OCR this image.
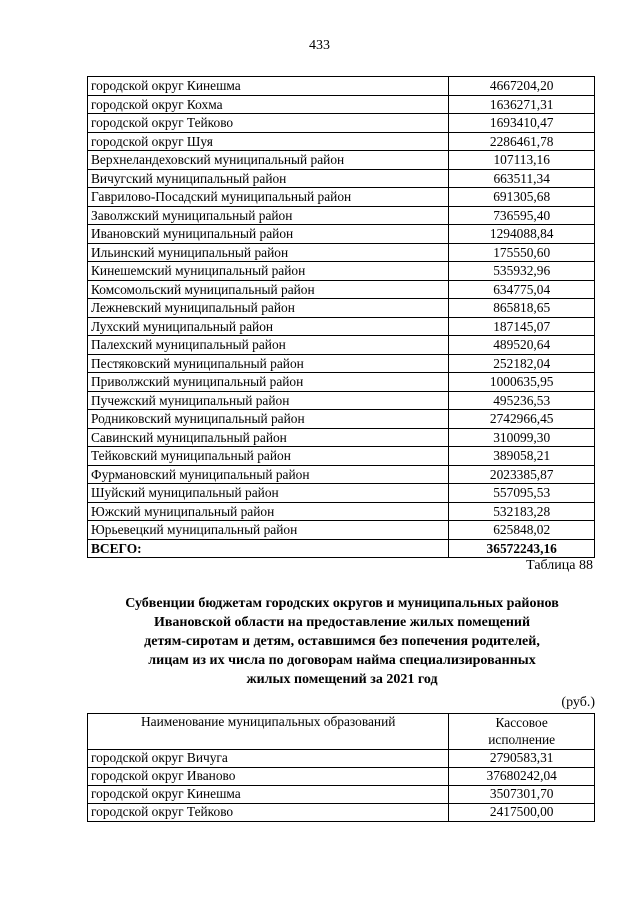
433
городской округ Кинешма	4667204,20
городской округ Кохма	1636271,31
городской округ Тейково	1693410,47
городской округ Шуя	2286461,78
Верхнеландеховский муниципальный район	107113,16
Вичугский муниципальный район	663511,34
Гаврилово-Посадский муниципальный район	691305,68
Заволжский муниципальный район	736595,40
Ивановский муниципальный район	1294088,84
Ильинский муниципальный район	175550,60
Кинешемский муниципальный район	535932,96
Комсомольский муниципальный район	634775,04
Лежневский муниципальный район	865818,65
Лухский муниципальный район	187145,07
Палехский муниципальный район	489520,64
Пестяковский муниципальный район	252182,04
Приволжский муниципальный район	1000635,95
Пучежский муниципальный район	495236,53
Родниковский муниципальный район	2742966,45
Савинский муниципальный район	310099,30
Тейковский муниципальный район	389058,21
Фурмановский муниципальный район	2023385,87
Шуйский муниципальный район	557095,53
Южский муниципальный район	532183,28
Юрьевецкий муниципальный район	625848,02
ВСЕГО:	36572243,16
Таблица 88
Субвенции бюджетам городских округов и муниципальных районов
Ивановской области на предоставление жилых помещений
детям-сиротам и детям, оставшимся без попечения родителей,
лицам из их числа по договорам найма специализированных
жилых помещений за 2021 год
(руб.)
Наименование муниципальных образований	Кассовое
исполнение

городской округ Вичуга	2790583,31
городской округ Иваново	37680242,04
городской округ Кинешма	3507301,70
городской округ Тейково	2417500,00
